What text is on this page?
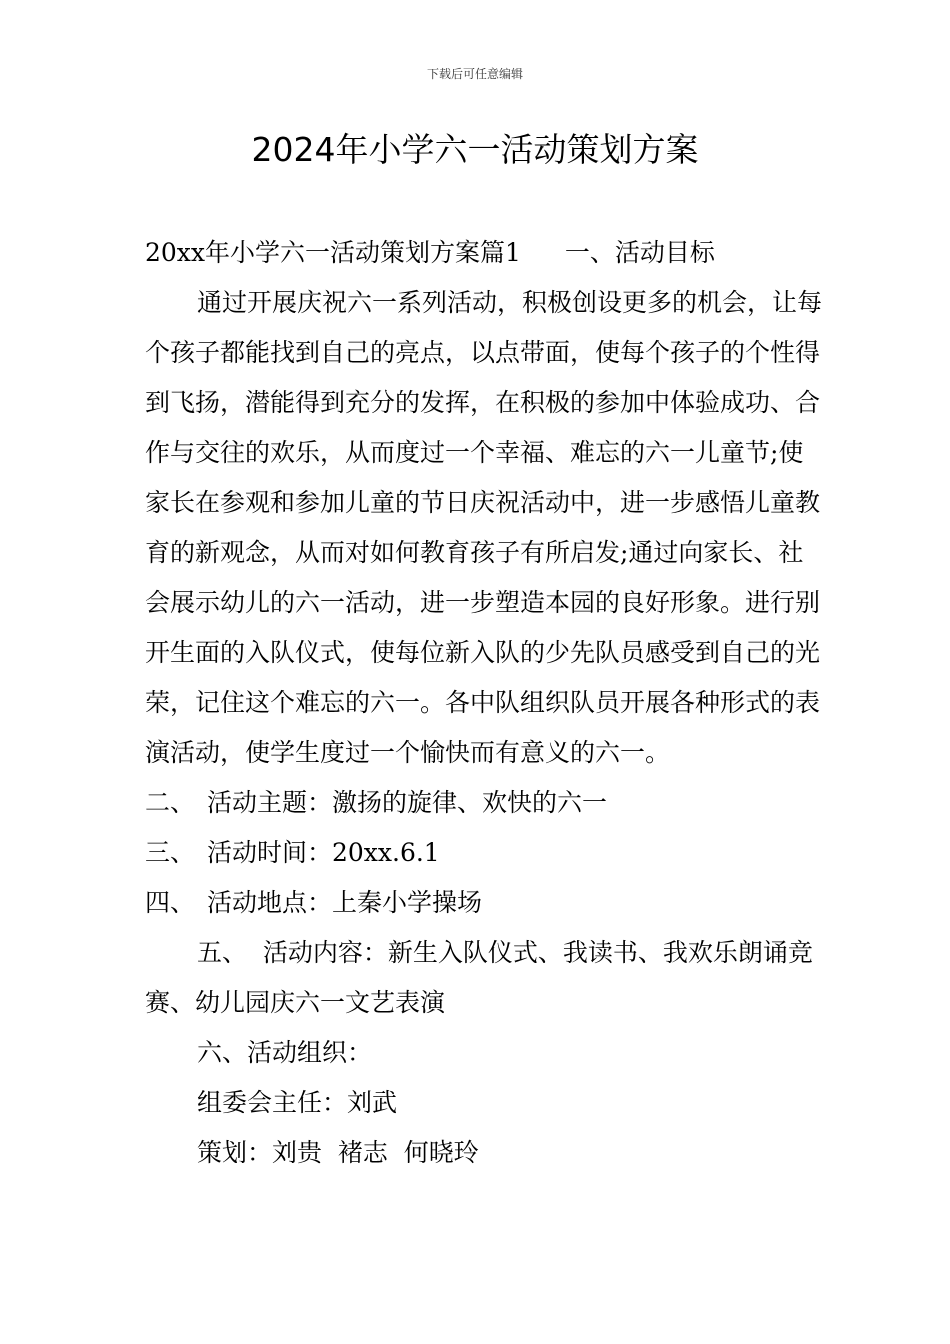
下载后可任意编辑
2024年小学六一活动策划方案

20xx年小学六一活动策划方案篇1 一、活动目标

通过开展庆祝六一系列活动，积极创设更多的机会，让每个孩子都能找到自己的亮点，以点带面，使每个孩子的个性得到飞扬，潜能得到充分的发挥，在积极的参加中体验成功、合作与交往的欢乐，从而度过一个幸福、难忘的六一儿童节;使家长在参观和参加儿童的节日庆祝活动中，进一步感悟儿童教育的新观念，从而对如何教育孩子有所启发;通过向家长、社会展示幼儿的六一活动，进一步塑造本园的良好形象。进行别开生面的入队仪式，使每位新入队的少先队员感受到自己的光荣，记住这个难忘的六一。各中队组织队员开展各种形式的表演活动，使学生度过一个愉快而有意义的六一。

二、 活动主题：激扬的旋律、欢快的六一

三、 活动时间：20xx.6.1

四、 活动地点：上秦小学操场

五、 活动内容：新生入队仪式、我读书、我欢乐朗诵竞赛、幼儿园庆六一文艺表演

六、活动组织：

组委会主任：刘武

策划：刘贵  褚志  何晓玲
